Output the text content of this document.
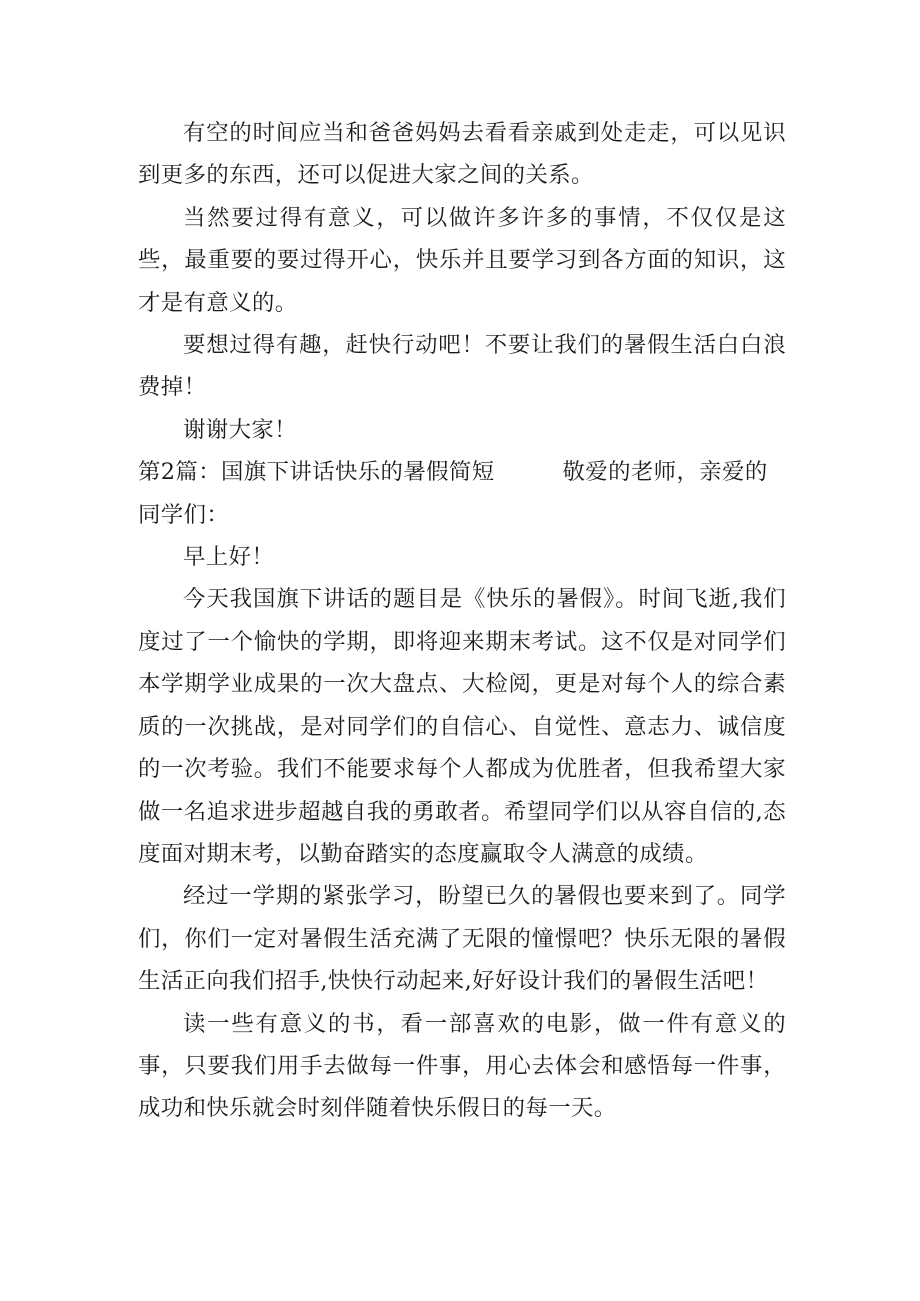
有空的时间应当和爸爸妈妈去看看亲戚到处走走，可以见识到更多的东西，还可以促进大家之间的关系。

当然要过得有意义，可以做许多许多的事情，不仅仅是这些，最重要的要过得开心，快乐并且要学习到各方面的知识，这才是有意义的。

要想过得有趣，赶快行动吧！不要让我们的暑假生活白白浪费掉！

谢谢大家！

第2篇：国旗下讲话快乐的暑假简短	敬爱的老师，亲爱的同学们：

早上好！

今天我国旗下讲话的题目是《快乐的暑假》。时间飞逝,我们度过了一个愉快的学期，即将迎来期末考试。这不仅是对同学们本学期学业成果的一次大盘点、大检阅，更是对每个人的综合素质的一次挑战，是对同学们的自信心、自觉性、意志力、诚信度的一次考验。我们不能要求每个人都成为优胜者，但我希望大家做一名追求进步超越自我的勇敢者。希望同学们以从容自信的,态度面对期末考，以勤奋踏实的态度赢取令人满意的成绩。

经过一学期的紧张学习，盼望已久的暑假也要来到了。同学们，你们一定对暑假生活充满了无限的憧憬吧？快乐无限的暑假生活正向我们招手,快快行动起来,好好设计我们的暑假生活吧！

读一些有意义的书，看一部喜欢的电影，做一件有意义的事，只要我们用手去做每一件事，用心去体会和感悟每一件事，成功和快乐就会时刻伴随着快乐假日的每一天。
